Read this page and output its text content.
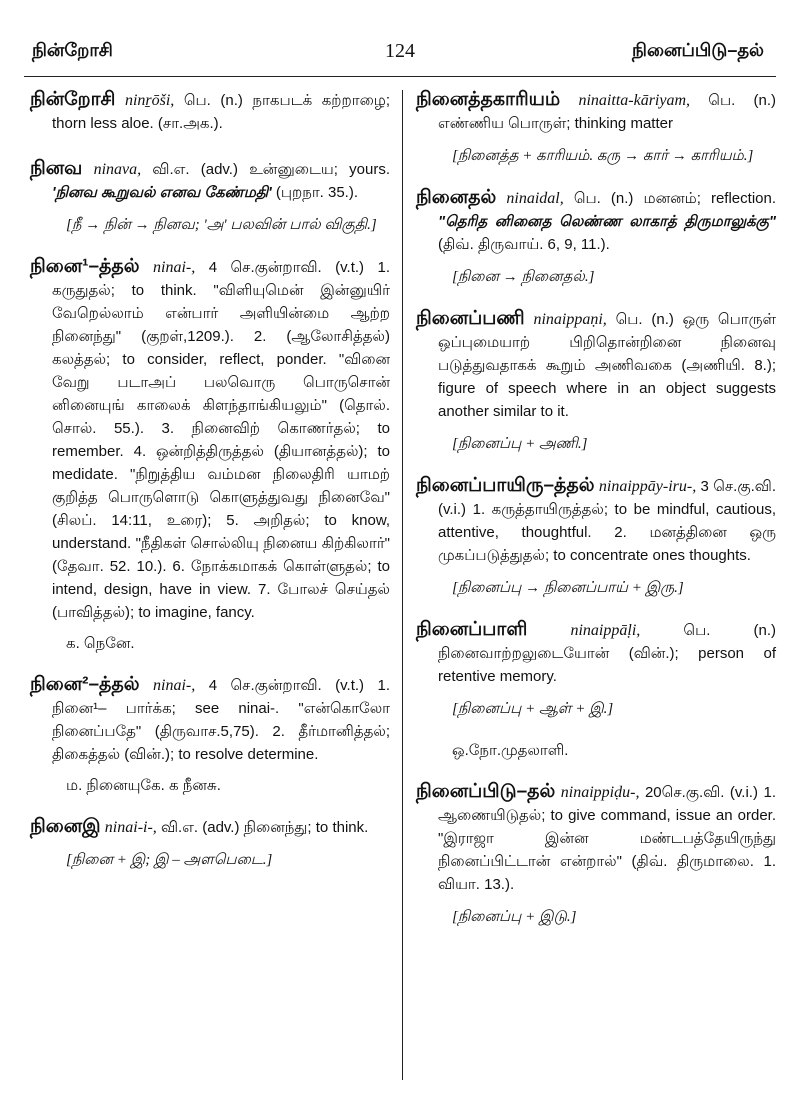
நின்றோசி	124	நினைப்பிடு–தல்
நின்றோசி ninṟōši, பெ. (n.) நாகபடக் கற்றாழை; thorn less aloe. (சா.அக.).
நினவ ninava, வி.எ. (adv.) உன்னுடைய; yours. 'நினவ கூறுவல் எனவ கேண்மதி' (புறநா. 35.).
[நீ → நின் → நினவ; 'அ' பலவின் பால் விகுதி.]
நினை¹–த்தல் ninai-, 4 செ.குன்றாவி. (v.t.) 1. கருதுதல்; to think. "விளியுமென் இன்னுயிர் வேறெல்லாம் என்பார் அளியின்மை ஆற்ற நினைந்து" (குறள்,1209.). 2. (ஆலோசித்தல்) கலத்தல்; to consider, reflect, ponder. "வினை வேறு படாஅப் பலவொரு பொருசொன் னினையுங் காலைக் கிளந்தாங்கியலும்" (தொல். சொல். 55.). 3. நினைவிற் கொணர்தல்; to remember. 4. ஒன்றித்திருத்தல் (தியானத்தல்); to medidate. "நிறுத்திய வம்மன நிலைதிரி யாமற் குறித்த பொருளொடு கொளுத்துவது நினைவே" (சிலப். 14:11, உரை); 5. அறிதல்; to know, understand. "நீதிகள் சொல்லியு நினைய கிற்கிலார்" (தேவா. 52. 10.). 6. நோக்கமாகக் கொள்ளுதல்; to intend, design, have in view. 7. போலச் செய்தல் (பாவித்தல்); to imagine, fancy.
க. நெனே.
நினை²–த்தல் ninai-, 4 செ.குன்றாவி. (v.t.) 1. நினை¹– பார்க்க; see ninai-. "என்கொலோ நினைப்பதே" (திருவாச.5,75). 2. தீர்மானித்தல்; திகைத்தல் (வின்.); to resolve determine.
ம. நினையுகே. க நீனசு.
நினைஇ ninai-i-, வி.எ. (adv.) நினைந்து; to think.
[நினை + இ; இ – அளபெடை.]
நினைத்தகாரியம் ninaitta-kāriyam, பெ. (n.) எண்ணிய பொருள்; thinking matter
[நினைத்த + காரியம். கரு → கார் → காரியம்.]
நினைதல் ninaidal, பெ. (n.) மனனம்; reflection. "தெரித னினைத லெண்ண லாகாத் திருமாலுக்கு" (திவ். திருவாய். 6, 9, 11.).
[நினை → நினைதல்.]
நினைப்பணி ninaippaṇi, பெ. (n.) ஒரு பொருள் ஒப்புமையாற் பிறிதொன்றினை நினைவு படுத்துவதாகக் கூறும் அணிவகை (அணியி. 8.); figure of speech where in an object suggests another similar to it.
[நினைப்பு + அணி.]
நினைப்பாயிரு–த்தல் ninaippāy-iru-, 3 செ.கு.வி. (v.i.) 1. கருத்தாயிருத்தல்; to be mindful, cautious, attentive, thoughtful. 2. மனத்தினை ஒரு முகப்படுத்துதல்; to concentrate ones thoughts.
[நினைப்பு → நினைப்பாய் + இரு.]
நினைப்பாளி	ninaippāḷi,	பெ. (n.) நினைவாற்றலுடையோன் (வின்.); person of retentive memory.
[நினைப்பு + ஆள் + இ.]
ஒ.நோ.முதலாளி.
நினைப்பிடு–தல் ninaippiḍu-, 20செ.கு.வி. (v.i.) 1. ஆணையிடுதல்; to give command, issue an order. "இராஜா இன்ன மண்டபத்தேயிருந்து நினைப்பிட்டான் என்றால்" (திவ். திருமாலை. 1. வியா. 13.).
[நினைப்பு + இடு.]
